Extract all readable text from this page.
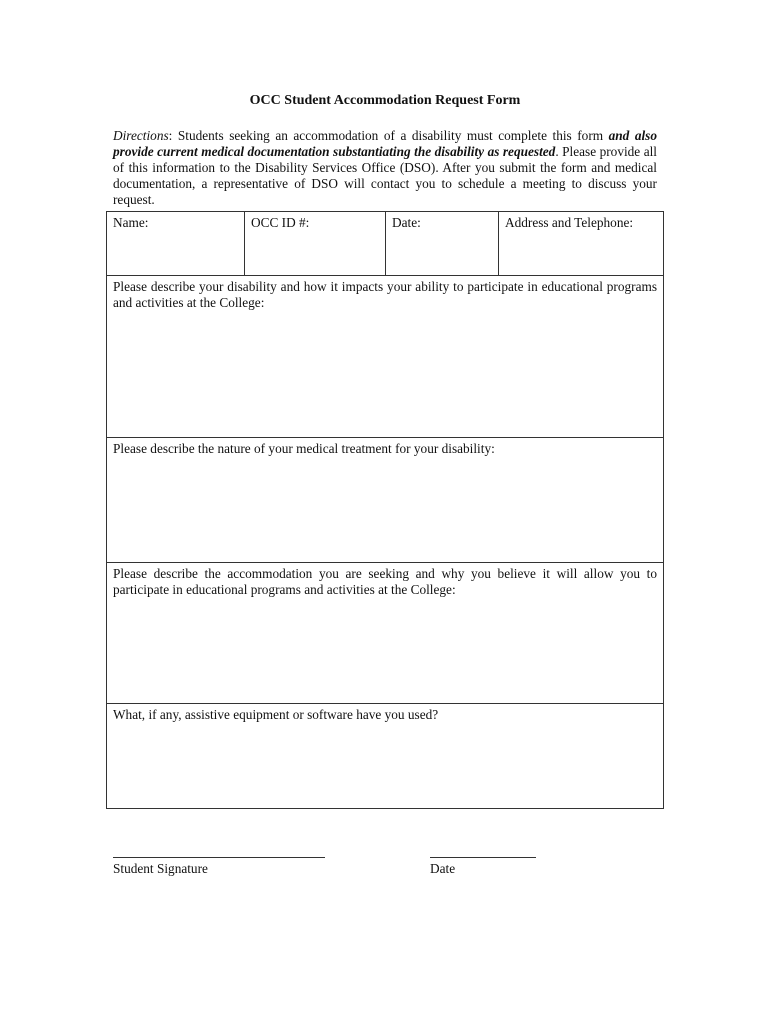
OCC Student Accommodation Request Form
Directions: Students seeking an accommodation of a disability must complete this form and also provide current medical documentation substantiating the disability as requested. Please provide all of this information to the Disability Services Office (DSO). After you submit the form and medical documentation, a representative of DSO will contact you to schedule a meeting to discuss your request.
Name:	OCC ID #:	Date:	Address and Telephone:
Please describe your disability and how it impacts your ability to participate in educational programs and activities at the College:
Please describe the nature of your medical treatment for your disability:
Please describe the accommodation you are seeking and why you believe it will allow you to participate in educational programs and activities at the College:
What, if any, assistive equipment or software have you used?
Student Signature	Date
